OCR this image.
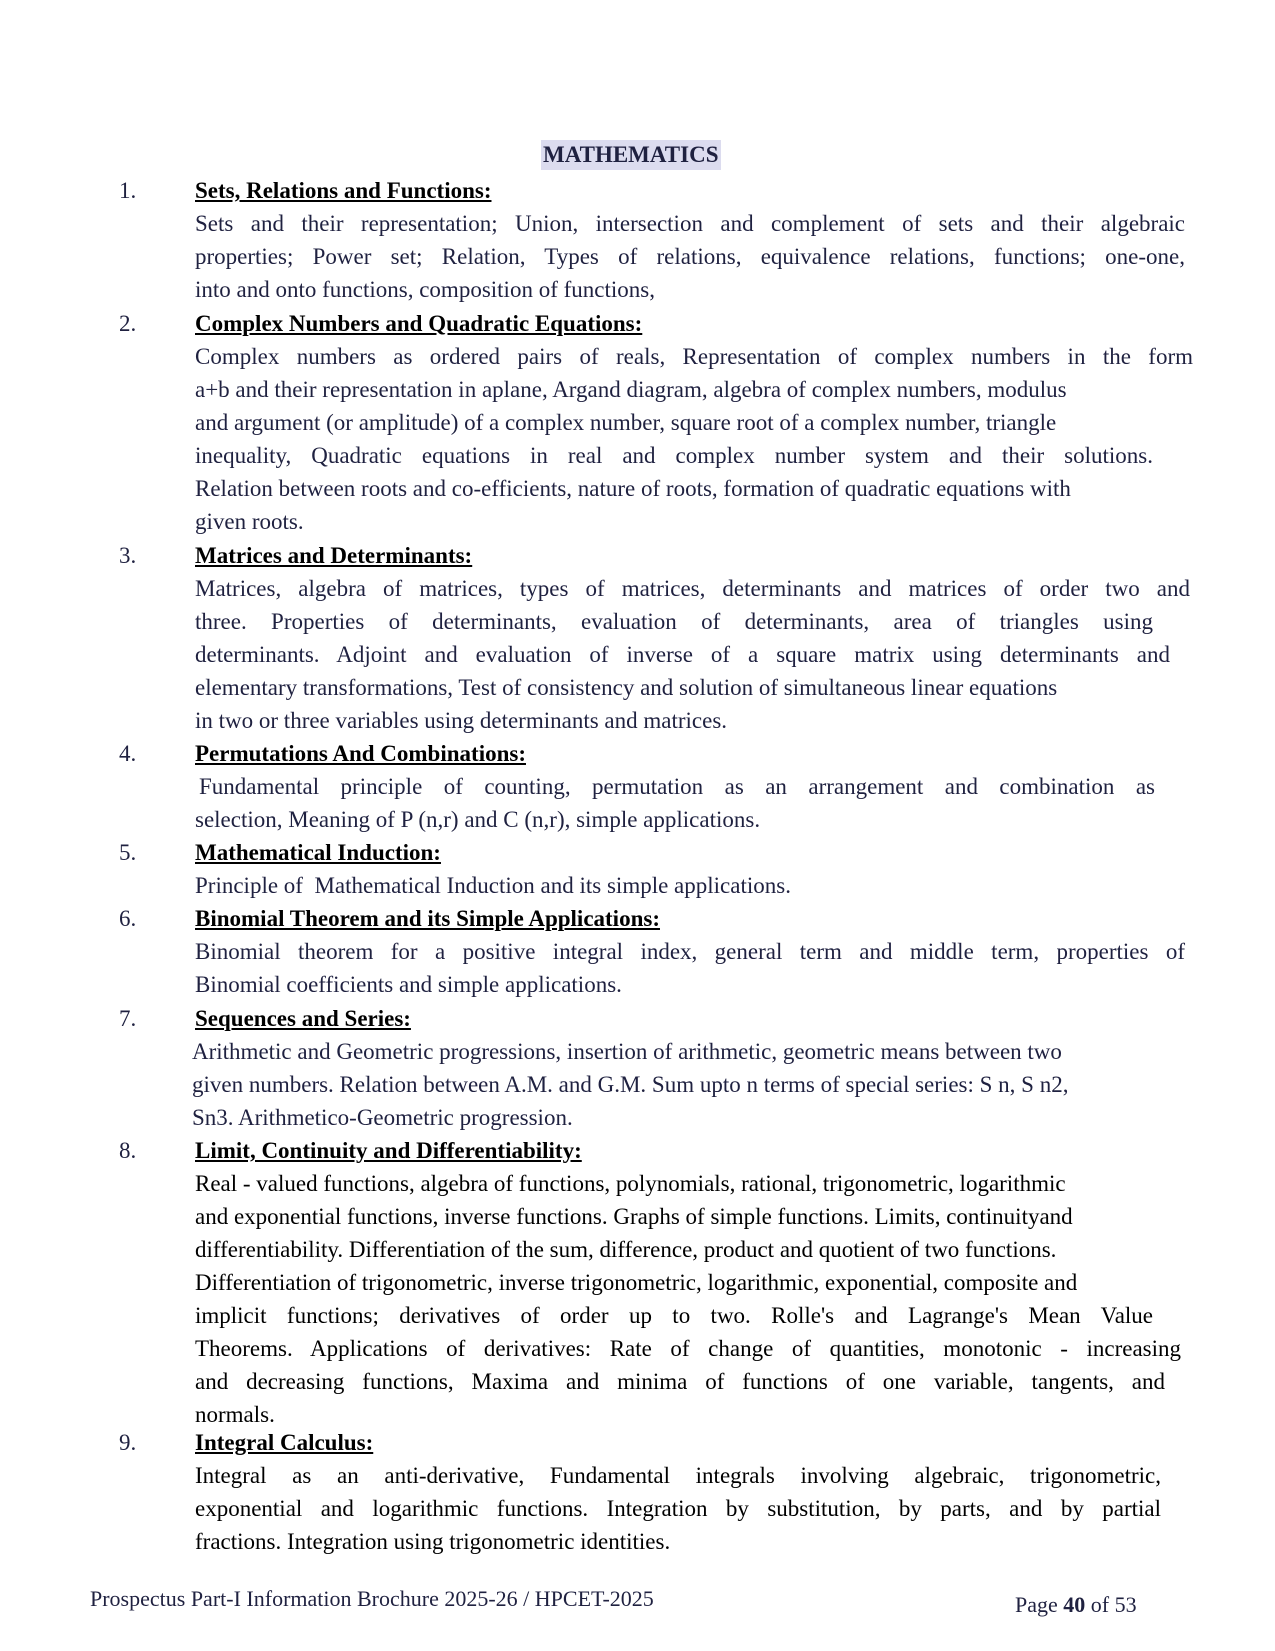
MATHEMATICS
1.	Sets, Relations and Functions:
Sets and their representation; Union, intersection and complement of sets and their algebraic
properties; Power set; Relation, Types of relations, equivalence relations, functions; one-one,
into and onto functions, composition of functions,
2.	Complex Numbers and Quadratic Equations:
Complex numbers as ordered pairs of reals, Representation of complex numbers in the form
a+b and their representation in aplane, Argand diagram, algebra of complex numbers, modulus
and argument (or amplitude) of a complex number, square root of a complex number, triangle
inequality, Quadratic equations in real and complex number system and their solutions.
Relation between roots and co-efficients, nature of roots, formation of quadratic equations with
given roots.
3.	Matrices and Determinants:
Matrices, algebra of matrices, types of matrices, determinants and matrices of order two and
three. Properties of determinants, evaluation of determinants, area of triangles using
determinants. Adjoint and evaluation of inverse of a square matrix using determinants and
elementary transformations, Test of consistency and solution of simultaneous linear equations
in two or three variables using determinants and matrices.
4.	Permutations And Combinations:
Fundamental principle of counting, permutation as an arrangement and combination as
selection, Meaning of P (n,r) and C (n,r), simple applications.
5.	Mathematical Induction:
Principle of  Mathematical Induction and its simple applications.
6.	Binomial Theorem and its Simple Applications:
Binomial theorem for a positive integral index, general term and middle term, properties of
Binomial coefficients and simple applications.
7.	Sequences and Series:
Arithmetic and Geometric progressions, insertion of arithmetic, geometric means between two
given numbers. Relation between A.M. and G.M. Sum upto n terms of special series: S n, S n2,
Sn3. Arithmetico-Geometric progression.
8.	Limit, Continuity and Differentiability:
Real - valued functions, algebra of functions, polynomials, rational, trigonometric, logarithmic
and exponential functions, inverse functions. Graphs of simple functions. Limits, continuityand
differentiability. Differentiation of the sum, difference, product and quotient of two functions.
Differentiation of trigonometric, inverse trigonometric, logarithmic, exponential, composite and
implicit functions; derivatives of order up to two. Rolle's and Lagrange's Mean Value
Theorems. Applications of derivatives: Rate of change of quantities, monotonic - increasing
and decreasing functions, Maxima and minima of functions of one variable, tangents, and
normals.
9.	Integral Calculus:
Integral as an anti-derivative, Fundamental integrals involving algebraic, trigonometric,
exponential and logarithmic functions. Integration by substitution, by parts, and by partial
fractions. Integration using trigonometric identities.
Prospectus Part-I Information Brochure 2025-26 / HPCET-2025	Page 40 of 53
